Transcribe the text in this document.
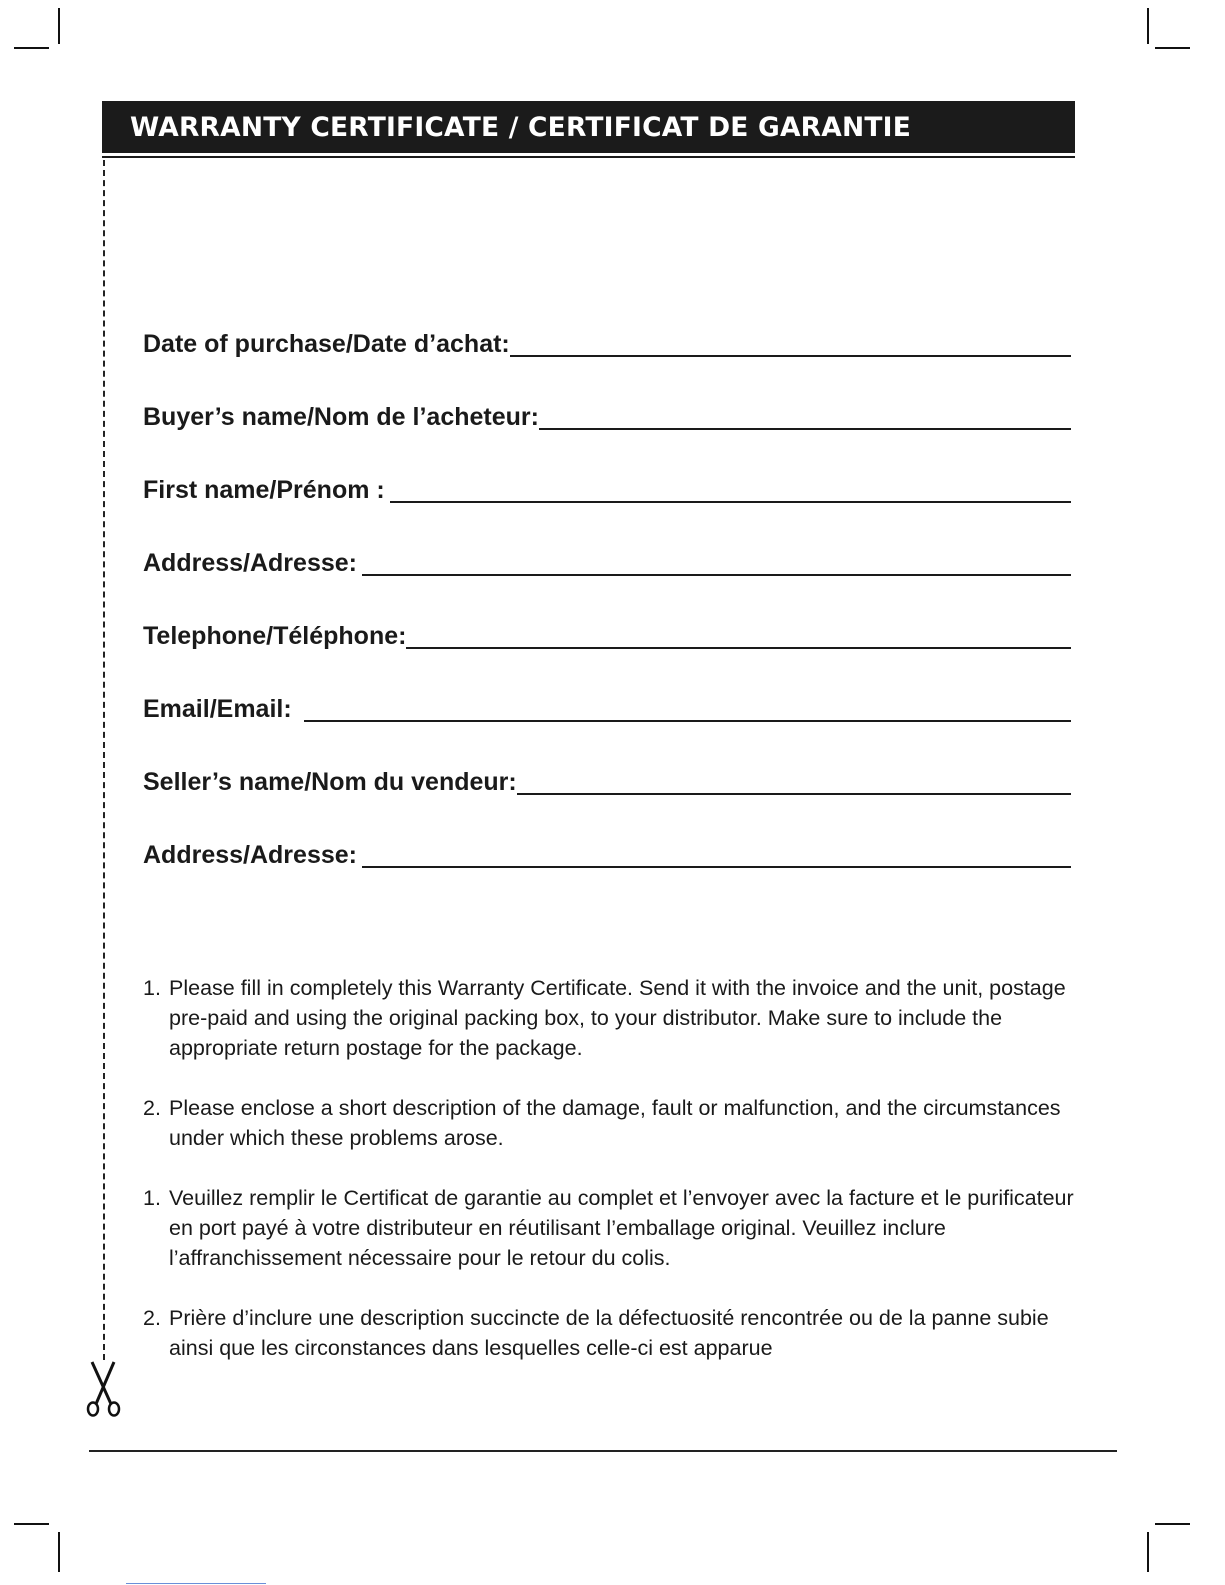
WARRANTY CERTIFICATE / CERTIFICAT DE GARANTIE
Date of purchase/Date d’achat:
Buyer’s name/Nom de l’acheteur:
First name/Prénom :
Address/Adresse:
Telephone/Téléphone:
Email/Email:
Seller’s name/Nom du vendeur:
Address/Adresse:
1. Please fill in completely this Warranty Certificate. Send it with the invoice and the unit, postage pre-paid and using the original packing box, to your distributor. Make sure to include the appropriate return postage for the package.
2. Please enclose a short description of the damage, fault or malfunction, and the circumstances under which these problems arose.
1. Veuillez remplir le Certificat de garantie au complet et l’envoyer avec la facture et le purificateur en port payé à votre distributeur en réutilisant l’emballage original. Veuillez inclure l’affranchissement nécessaire pour le retour du colis.
2. Prière d’inclure une description succincte de la défectuosité rencontrée ou de la panne subie ainsi que les circonstances dans lesquelles celle-ci est apparue
